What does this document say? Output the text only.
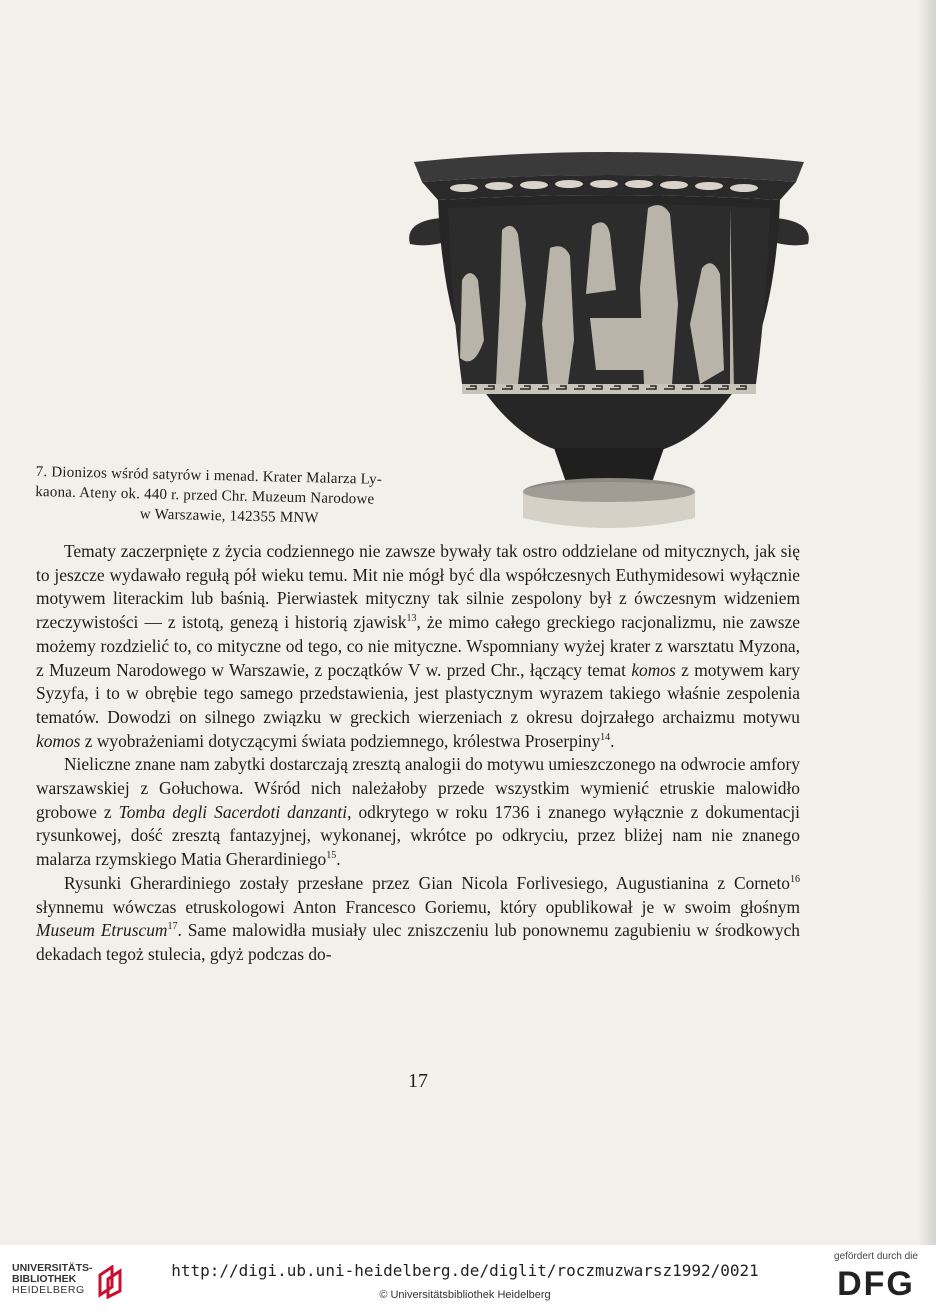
7. Dionizos wśród satyrów i menad. Krater Malarza Ly-
kaona. Ateny ok. 440 r. przed Chr. Muzeum Narodowe
w Warszawie, 142355 MNW

Tematy zaczerpnięte z życia codziennego nie zawsze bywały tak ostro oddzielane od mitycznych, jak się to jeszcze wydawało regułą pół wieku temu. Mit nie mógł być dla współczesnych Euthymidesowi wyłącznie motywem literackim lub baśnią. Pierwiastek mityczny tak silnie zespolony był z ówczesnym widzeniem rzeczywistości — z istotą, genezą i historią zjawisk$^{13}$, że mimo całego greckiego racjonalizmu, nie zawsze możemy rozdzielić to, co mityczne od tego, co nie mityczne. Wspomniany wyżej krater z warsztatu Myzona, z Muzeum Narodowego w Warszawie, z początków V w. przed Chr., łączący temat komos z motywem kary Syzyfa, i to w obrębie tego samego przedstawienia, jest plastycznym wyrazem takiego właśnie zespolenia tematów. Dowodzi on silnego związku w greckich wierzeniach z okresu dojrzałego archaizmu motywu komos z wyobrażeniami dotyczącymi świata podziemnego, królestwa Proserpiny$^{14}$.

Nieliczne znane nam zabytki dostarczają zresztą analogii do motywu umieszczonego na odwrocie amfory warszawskiej z Gołuchowa. Wśród nich należałoby przede wszystkim wymienić etruskie malowidło grobowe z Tomba degli Sacerdoti danzanti, odkrytego w roku 1736 i znanego wyłącznie z dokumentacji rysunkowej, dość zresztą fantazyjnej, wykonanej, wkrótce po odkryciu, przez bliżej nam nie znanego malarza rzymskiego Matia Gherardiniego$^{15}$.

Rysunki Gherardiniego zostały przesłane przez Gian Nicola Forlivesiego, Augustianina z Corneto$^{16}$ słynnemu wówczas etruskologowi Anton Francesco Goriemu, który opublikował je w swoim głośnym Museum Etruscum$^{17}$. Same malowidła musiały ulec zniszczeniu lub ponownemu zagubieniu w środkowych dekadach tegoż stulecia, gdyż podczas do-

17
UNIVERSITÄTS-
BIBLIOTHEK
HEIDELBERG
http://digi.ub.uni-heidelberg.de/diglit/roczmuzwarsz1992/0021
© Universitätsbibliothek Heidelberg
gefördert durch die
DFG
